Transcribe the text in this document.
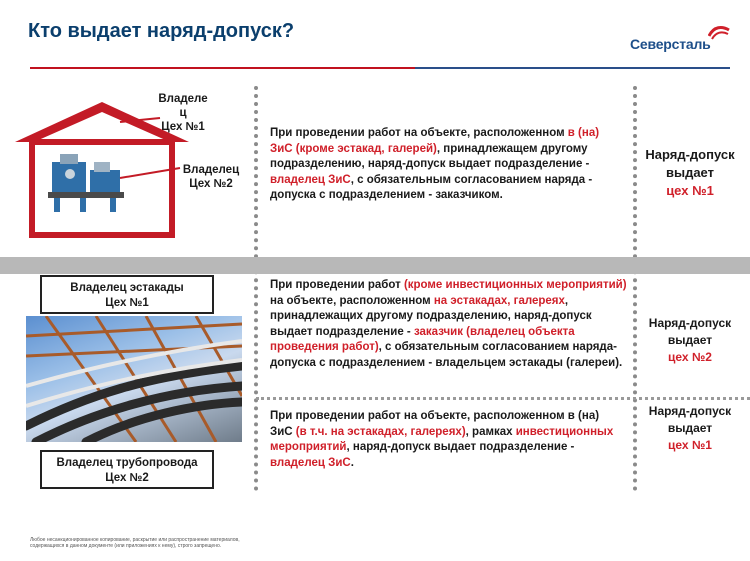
Кто выдает наряд-допуск?
Северсталь
Владеле
ц
Цех №1
Владелец
Цех №2
При проведении работ на объекте, расположенном в (на) ЗиС (кроме эстакад, галерей), принадлежащем другому подразделению, наряд-допуск выдает подразделение - владелец ЗиС, с обязательным согласованием наряда - допуска с подразделением - заказчиком.
Наряд-допуск
выдает
цех №1
Владелец эстакады
Цех №1
Владелец трубопровода
Цех №2
При проведении работ (кроме инвестиционных мероприятий) на объекте, расположенном на эстакадах, галереях, принадлежащих другому подразделению, наряд-допуск выдает подразделение - заказчик (владелец объекта проведения работ), с обязательным согласованием наряда-допуска с подразделением - владельцем эстакады (галереи).
Наряд-допуск
выдает
цех №2
При проведении работ на объекте, расположенном в (на) ЗиС (в т.ч. на эстакадах, галереях), рамках инвестиционных мероприятий, наряд-допуск выдает подразделение - владелец ЗиС.
Наряд-допуск
выдает
цех №1
Любое несанкционированное копирование, раскрытие или распространение материалов, содержащихся в данном документе (или приложениях к нему), строго запрещено.
